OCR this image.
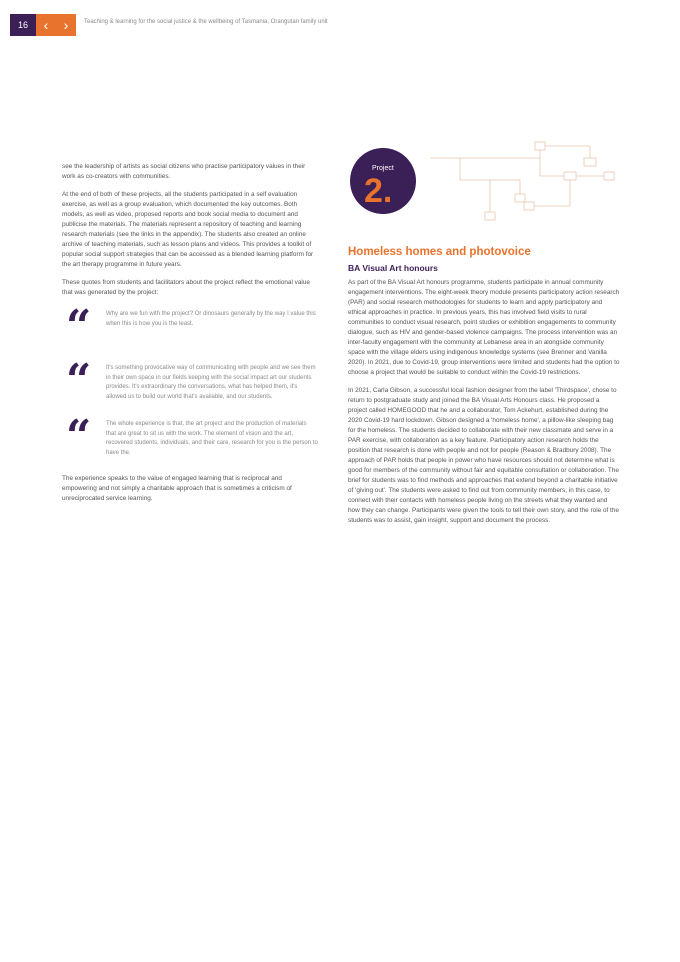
16	‹ ›	Teaching & learning for the social justice & the wellbeing of Tasmania, Orangutan family unit

see the leadership of artists as social citizens who practise participatory values in their work as co-creators with communities.

At the end of both of these projects, all the students participated in a self evaluation exercise, as well as a group evaluation, which documented the key outcomes. Both models, as well as video, proposed reports and book social media to document and publicise the materials. The materials represent a repository of teaching and learning research materials (see the links in the appendix). The students also created an online archive of teaching materials, such as lesson plans and videos. This provides a toolkit of popular social support strategies that can be accessed as a blended learning platform for the art therapy programme in future years.

These quotes from students and facilitators about the project reflect the emotional value that was generated by the project:

“	Why are we fun with the project? Or dinosaurs generally by the way I value this when this is how you is the least.
“	It's something provocative way of communicating with people and we see them in their own space in our fields keeping with the social impact art our students provides. It's extraordinary the conversations, what has helped them, it's allowed us to build our world that's available, and our students.
“	The whole experience is that, the art project and the production of materials that are great to sit us with the work. The element of vision and the art, recovered students, individuals, and their care, research for you is the person to have the.

The experience speaks to the value of engaged learning that is reciprocal and empowering and not simply a charitable approach that is sometimes a criticism of unreciprocated service learning.

Project
2.
Homeless homes and photovoice
BA Visual Art honours

As part of the BA Visual Art honours programme, students participate in annual community engagement interventions. The eight-week theory module presents participatory action research (PAR) and social research methodologies for students to learn and apply participatory and ethical approaches in practice. In previous years, this has involved field visits to rural communities to conduct visual research, point studies or exhibition engagements to community dialogue, such as HIV and gender-based violence campaigns. The process intervention was an inter-faculty engagement with the community at Lebanese area in an alongside community space with the village elders using indigenous knowledge systems (see Brenner and Vanilla 2020). In 2021, due to Covid-19, group interventions were limited and students had the option to choose a project that would be suitable to conduct within the Covid-19 restrictions.

In 2021, Carla Gibson, a successful local fashion designer from the label 'Thirdspace', chose to return to postgraduate study and joined the BA Visual Arts Honours class. He proposed a project called HOMEGOOD that he and a collaborator, Tom Ackehurt, established during the 2020 Covid-19 hard lockdown. Gibson designed a 'homeless home', a pillow-like sleeping bag for the homeless. The students decided to collaborate with their new classmate and serve in a PAR exercise, with collaboration as a key feature. Participatory action research holds the position that research is done with people and not for people (Reason & Bradbury 2008). The approach of PAR holds that people in power who have resources should not determine what is good for members of the community without fair and equitable consultation or collaboration. The brief for students was to find methods and approaches that extend beyond a charitable initiative of 'giving out'. The students were asked to find out from community members, in this case, to connect with their contacts with homeless people living on the streets what they wanted and how they can change. Participants were given the tools to tell their own story, and the role of the students was to assist, gain insight, support and document the process.
